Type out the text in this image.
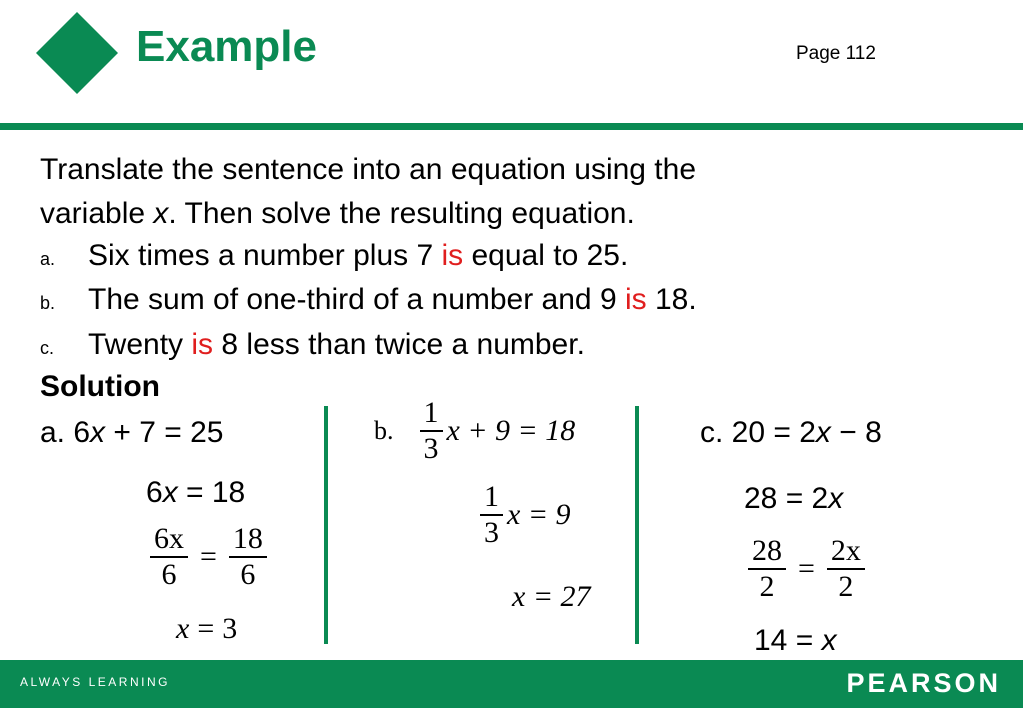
Example	Page 112
Translate the sentence into an equation using the
variable x. Then solve the resulting equation.
a. Six times a number plus 7 is equal to 25.
b. The sum of one-third of a number and 9 is 18.
c. Twenty is 8 less than twice a number.
Solution
a. 6x + 7 = 25
6x = 18
$\frac{6x}{6} = \frac{18}{6}$
x = 3
b. $\frac{1}{3}$ x + 9 = 18
$\frac{1}{3}$ x = 9
x = 27
c. 20 = 2x − 8
28 = 2x
$\frac{28}{2} = \frac{2x}{2}$
14 = x
ALWAYS LEARNING	PEARSON
